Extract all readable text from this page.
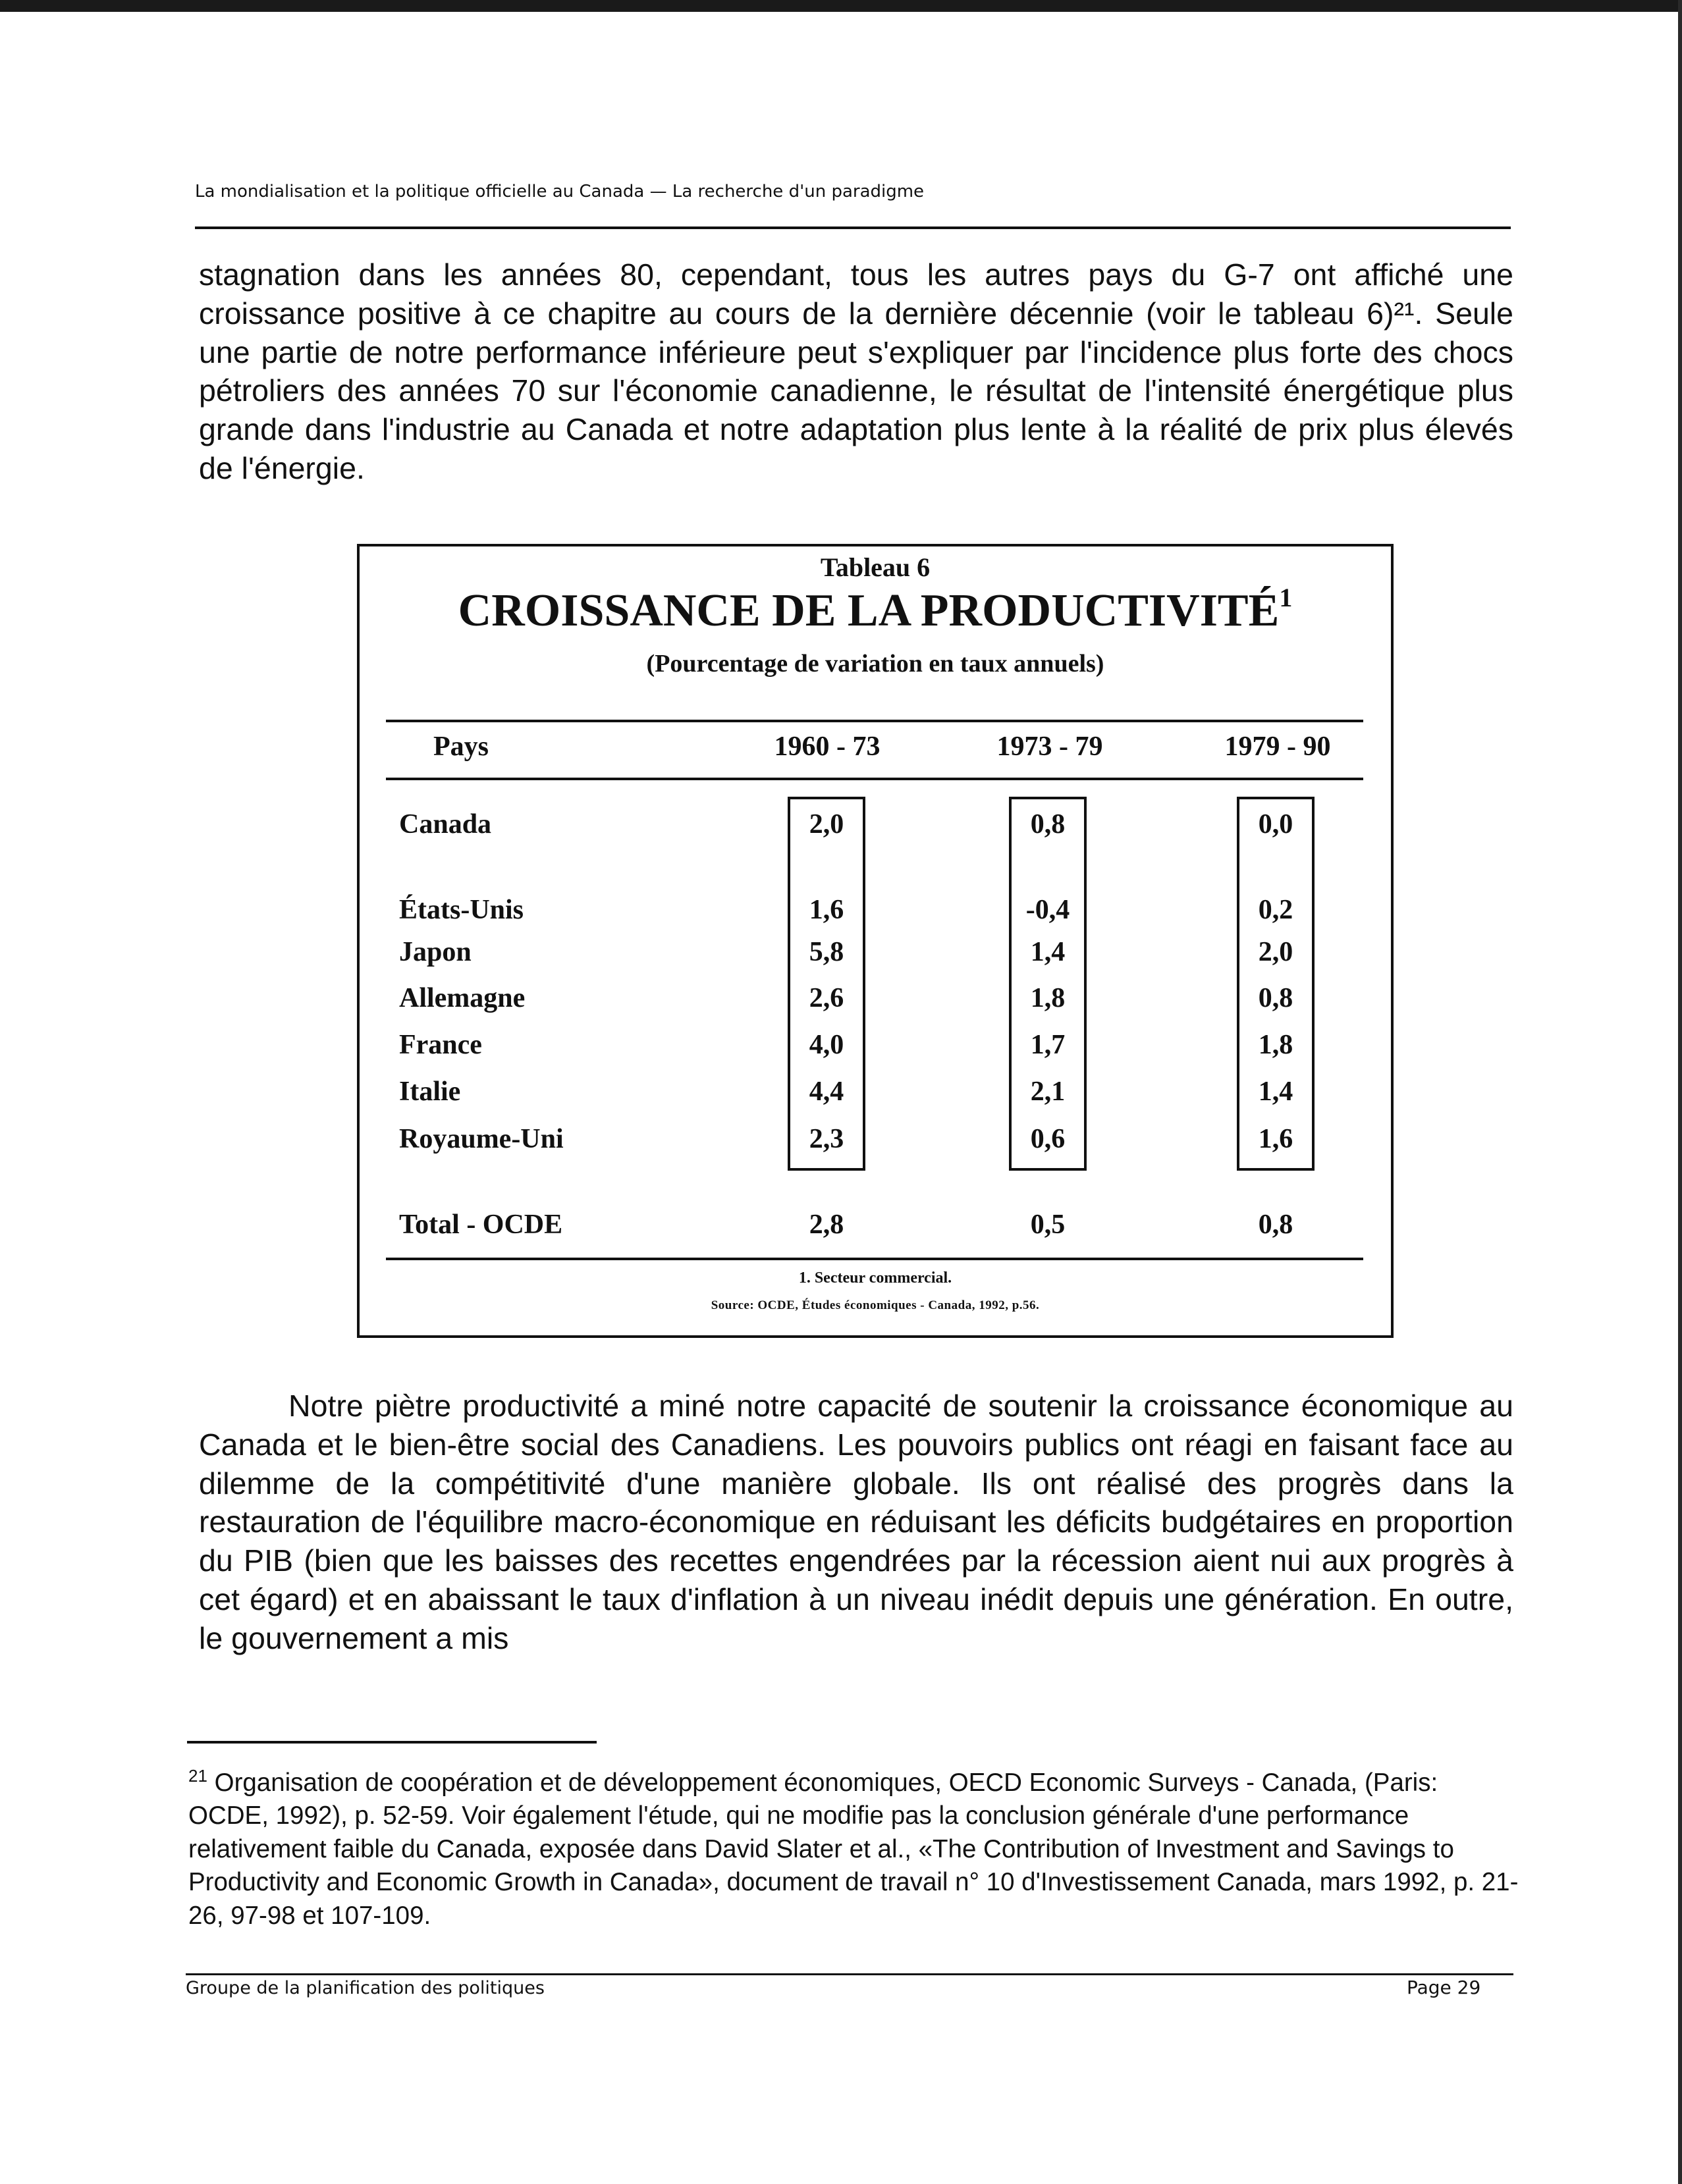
La mondialisation et la politique officielle au Canada — La recherche d'un paradigme

stagnation dans les années 80, cependant, tous les autres pays du G-7 ont affiché une croissance positive à ce chapitre au cours de la dernière décennie (voir le tableau 6)²¹. Seule une partie de notre performance inférieure peut s'expliquer par l'incidence plus forte des chocs pétroliers des années 70 sur l'économie canadienne, le résultat de l'intensité énergétique plus grande dans l'industrie au Canada et notre adaptation plus lente à la réalité de prix plus élevés de l'énergie.

Tableau 6
CROISSANCE DE LA PRODUCTIVITÉ$^1$
(Pourcentage de variation en taux annuels)
Pays	1960 - 73	1973 - 79	1979 - 90
Canada	2,0	0,8	0,0
États-Unis	1,6	-0,4	0,2
Japon	5,8	1,4	2,0
Allemagne	2,6	1,8	0,8
France	4,0	1,7	1,8
Italie	4,4	2,1	1,4
Royaume-Uni	2,3	0,6	1,6
Total - OCDE	2,8	0,5	0,8
1. Secteur commercial.
Source: OCDE, Études économiques - Canada, 1992, p.56.

Notre piètre productivité a miné notre capacité de soutenir la croissance économique au Canada et le bien-être social des Canadiens. Les pouvoirs publics ont réagi en faisant face au dilemme de la compétitivité d'une manière globale. Ils ont réalisé des progrès dans la restauration de l'équilibre macro-économique en réduisant les déficits budgétaires en proportion du PIB (bien que les baisses des recettes engendrées par la récession aient nui aux progrès à cet égard) et en abaissant le taux d'inflation à un niveau inédit depuis une génération. En outre, le gouvernement a mis

$^{21}$ Organisation de coopération et de développement économiques, OECD Economic Surveys - Canada, (Paris: OCDE, 1992), p. 52-59. Voir également l'étude, qui ne modifie pas la conclusion générale d'une performance relativement faible du Canada, exposée dans David Slater et al., «The Contribution of Investment and Savings to Productivity and Economic Growth in Canada», document de travail n° 10 d'Investissement Canada, mars 1992, p. 21-26, 97-98 et 107-109.

Groupe de la planification des politiques	Page 29
